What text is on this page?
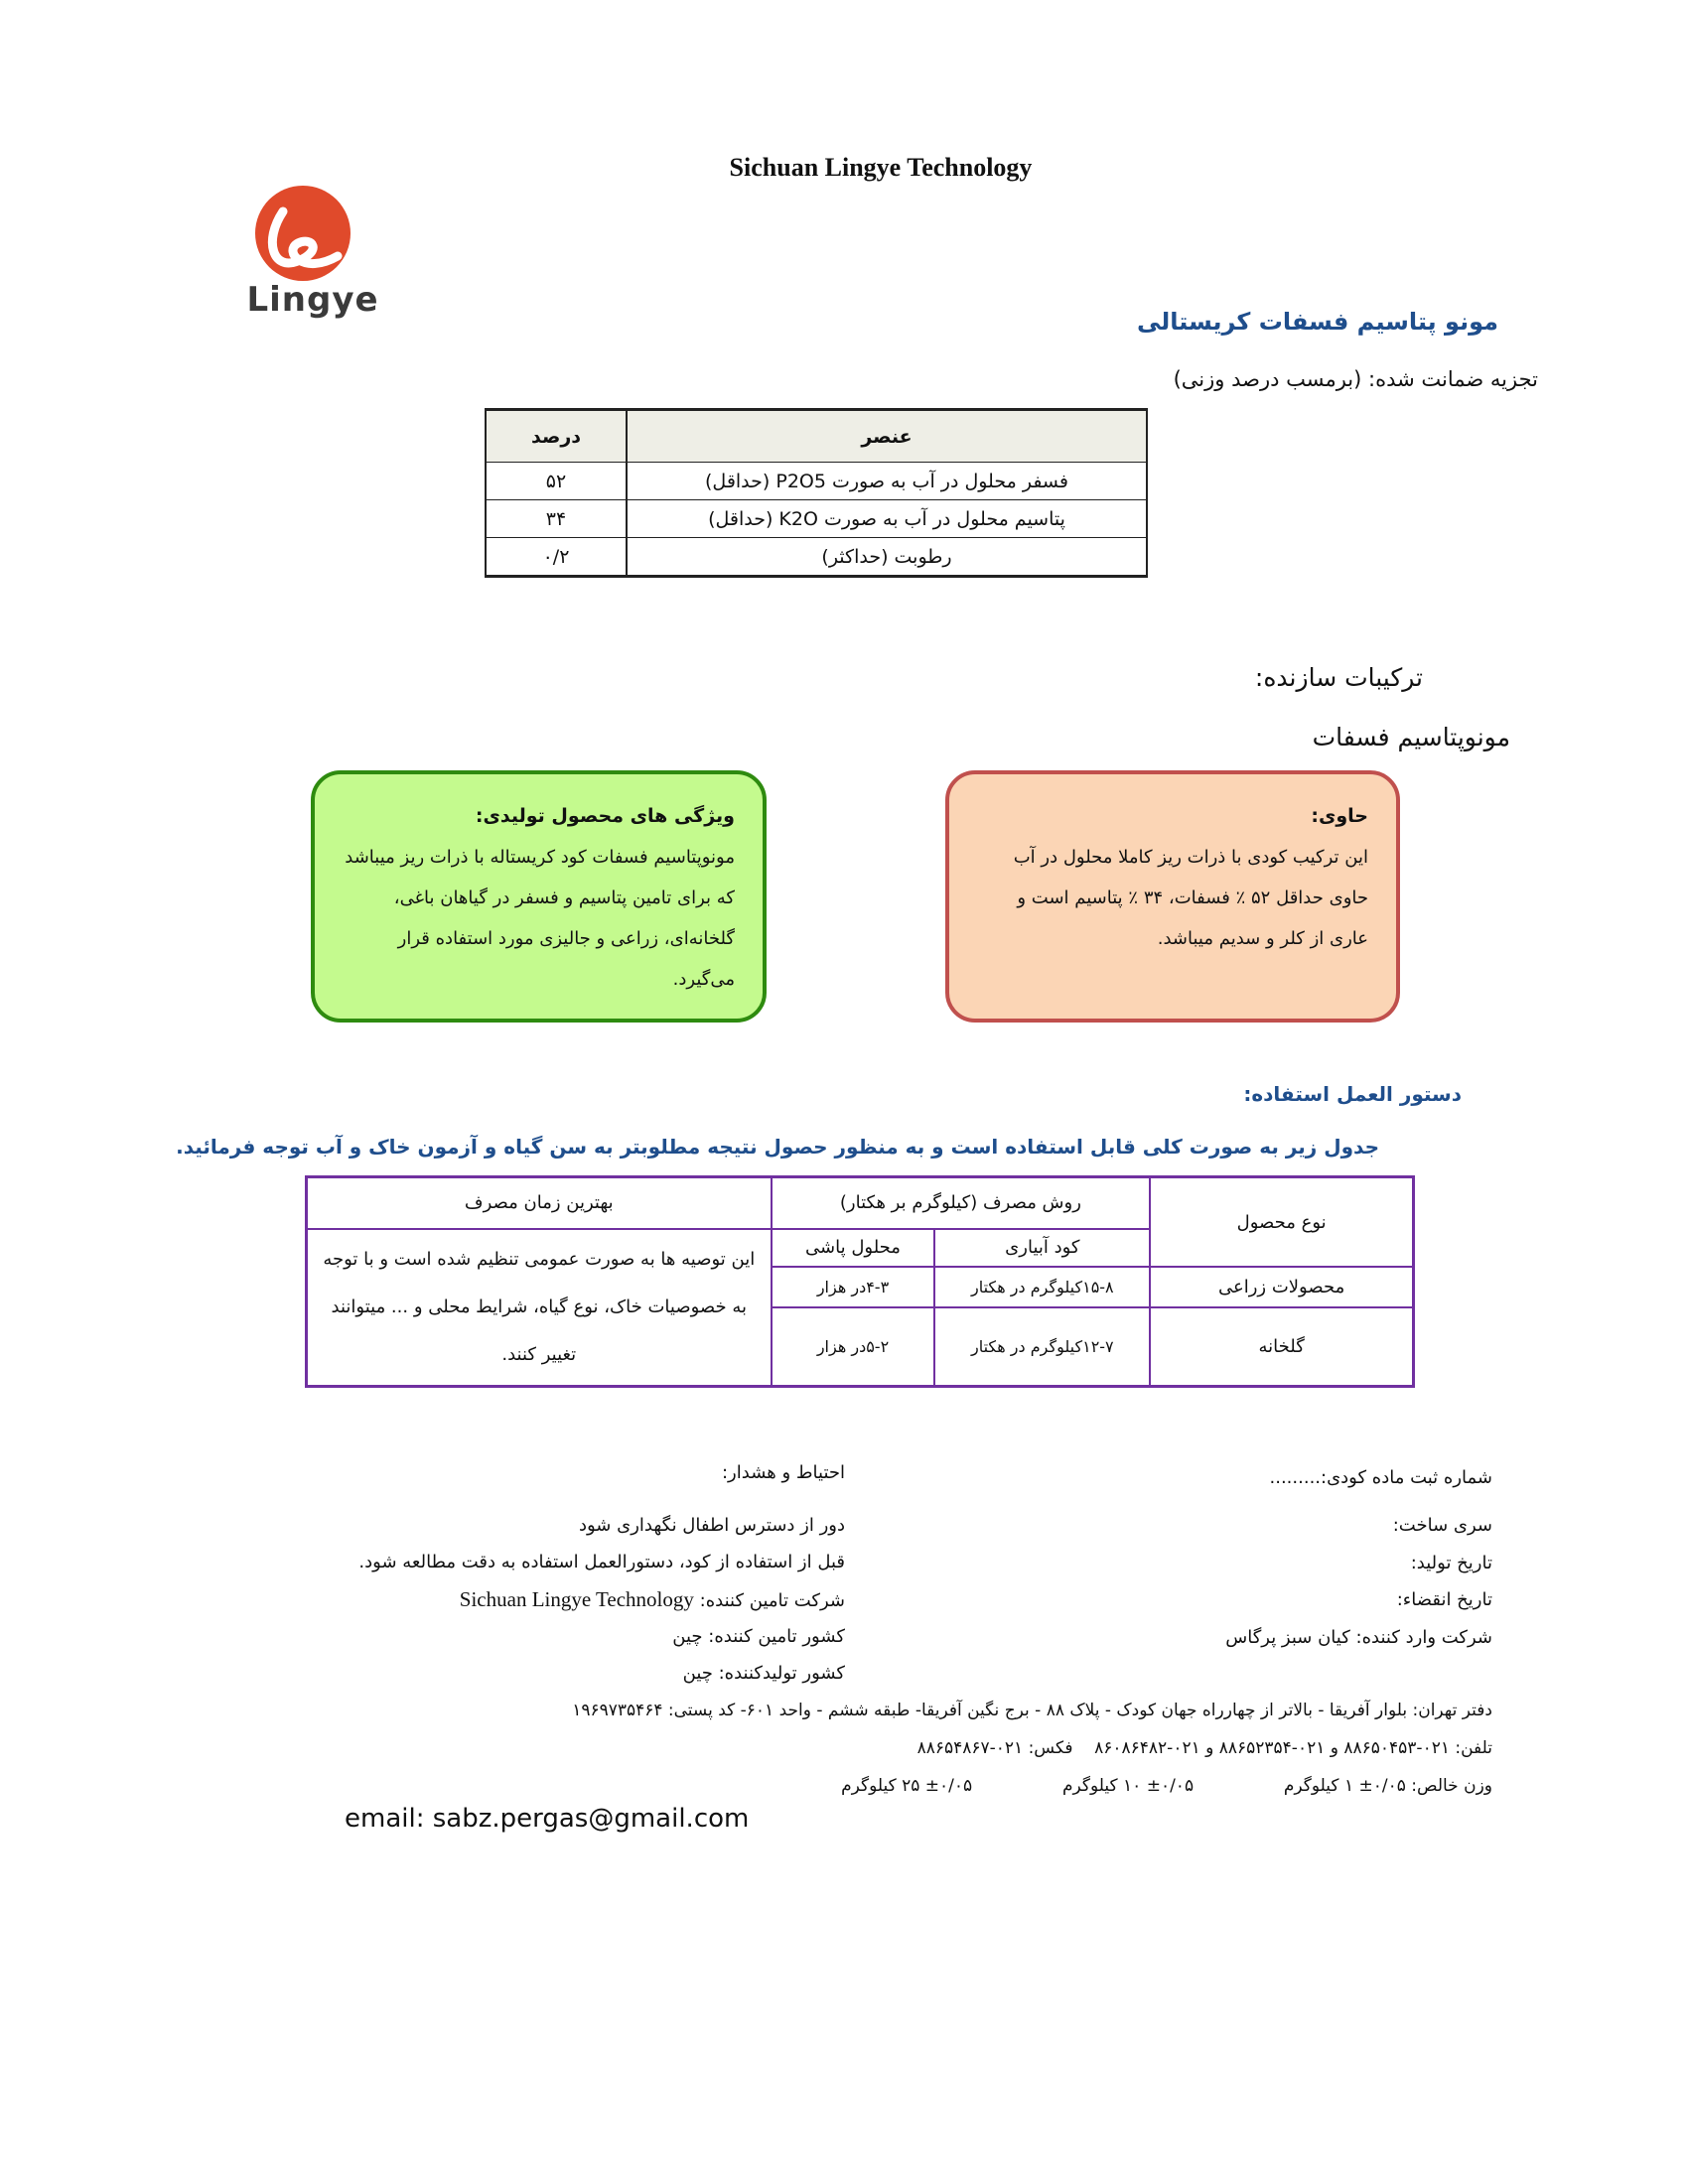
Sichuan Lingye Technology
Lingye
مونو پتاسیم فسفات کریستالی
تجزیه ضمانت شده: (برمسب درصد وزنی)
درصد	عنصر
۵۲	فسفر محلول در آب به صورت P2O5 (حداقل)
۳۴	پتاسیم محلول در آب به صورت K2O (حداقل)
۰/۲	رطوبت (حداکثر)
ترکیبات سازنده:
مونوپتاسیم فسفات
حاوی:
این ترکیب کودی با ذرات ریز کاملا محلول در آب حاوی حداقل ۵۲ ٪ فسفات، ۳۴ ٪ پتاسیم است و عاری از کلر و سدیم میباشد.
ویژگی های محصول تولیدی:
مونوپتاسیم فسفات کود کریستاله با ذرات ریز میباشد که برای تامین پتاسیم و فسفر در گیاهان باغی، گلخانه‌ای، زراعی و جالیزی مورد استفاده قرار می‌گیرد.
دستور العمل استفاده:
جدول زیر به صورت کلی قابل استفاده است و به منظور حصول نتیجه مطلوبتر به سن گیاه و آزمون خاک و آب توجه فرمائید.
نوع محصول	روش مصرف (کیلوگرم بر هکتار)		بهترین زمان مصرف
	کود آبیاری	محلول پاشی	این توصیه ها به صورت عمومی تنظیم شده است و با توجه به خصوصیات خاک، نوع گیاه، شرایط محلی و ... میتوانند تغییر کنند.
محصولات زراعی	۱۵-۸کیلوگرم در هکتار	۴-۳در هزار	
گلخانه	۱۲-۷کیلوگرم در هکتار	۵-۲در هزار	
شماره ثبت ماده کودی:.........
سری ساخت:
تاریخ تولید:
تاریخ انقضاء:
شرکت وارد کننده: کیان سبز پرگاس
احتیاط و هشدار:
دور از دسترس اطفال نگهداری شود
قبل از استفاده از کود، دستورالعمل استفاده به دقت مطالعه شود.
شرکت تامین کننده: Sichuan Lingye Technology
کشور تامین کننده: چین
کشور تولیدکننده: چین
دفتر تهران: بلوار آفریقا - بالاتر از چهارراه جهان کودک - پلاک ۸۸ - برج نگین آفریقا- طبقه ششم - واحد ۶۰۱- کد پستی: ۱۹۶۹۷۳۵۴۶۴
تلفن: ۰۲۱-۸۸۶۵۰۴۵۳ و ۰۲۱-۸۸۶۵۲۳۵۴ و ۰۲۱-۸۶۰۸۶۴۸۲    فکس: ۰۲۱-۸۸۶۵۴۸۶۷
وزن خالص: ۰/۰۵± ۱ کیلوگرم  ۰/۰۵± ۱۰ کیلوگرم  ۰/۰۵± ۲۵ کیلوگرم
email: sabz.pergas@gmail.com
